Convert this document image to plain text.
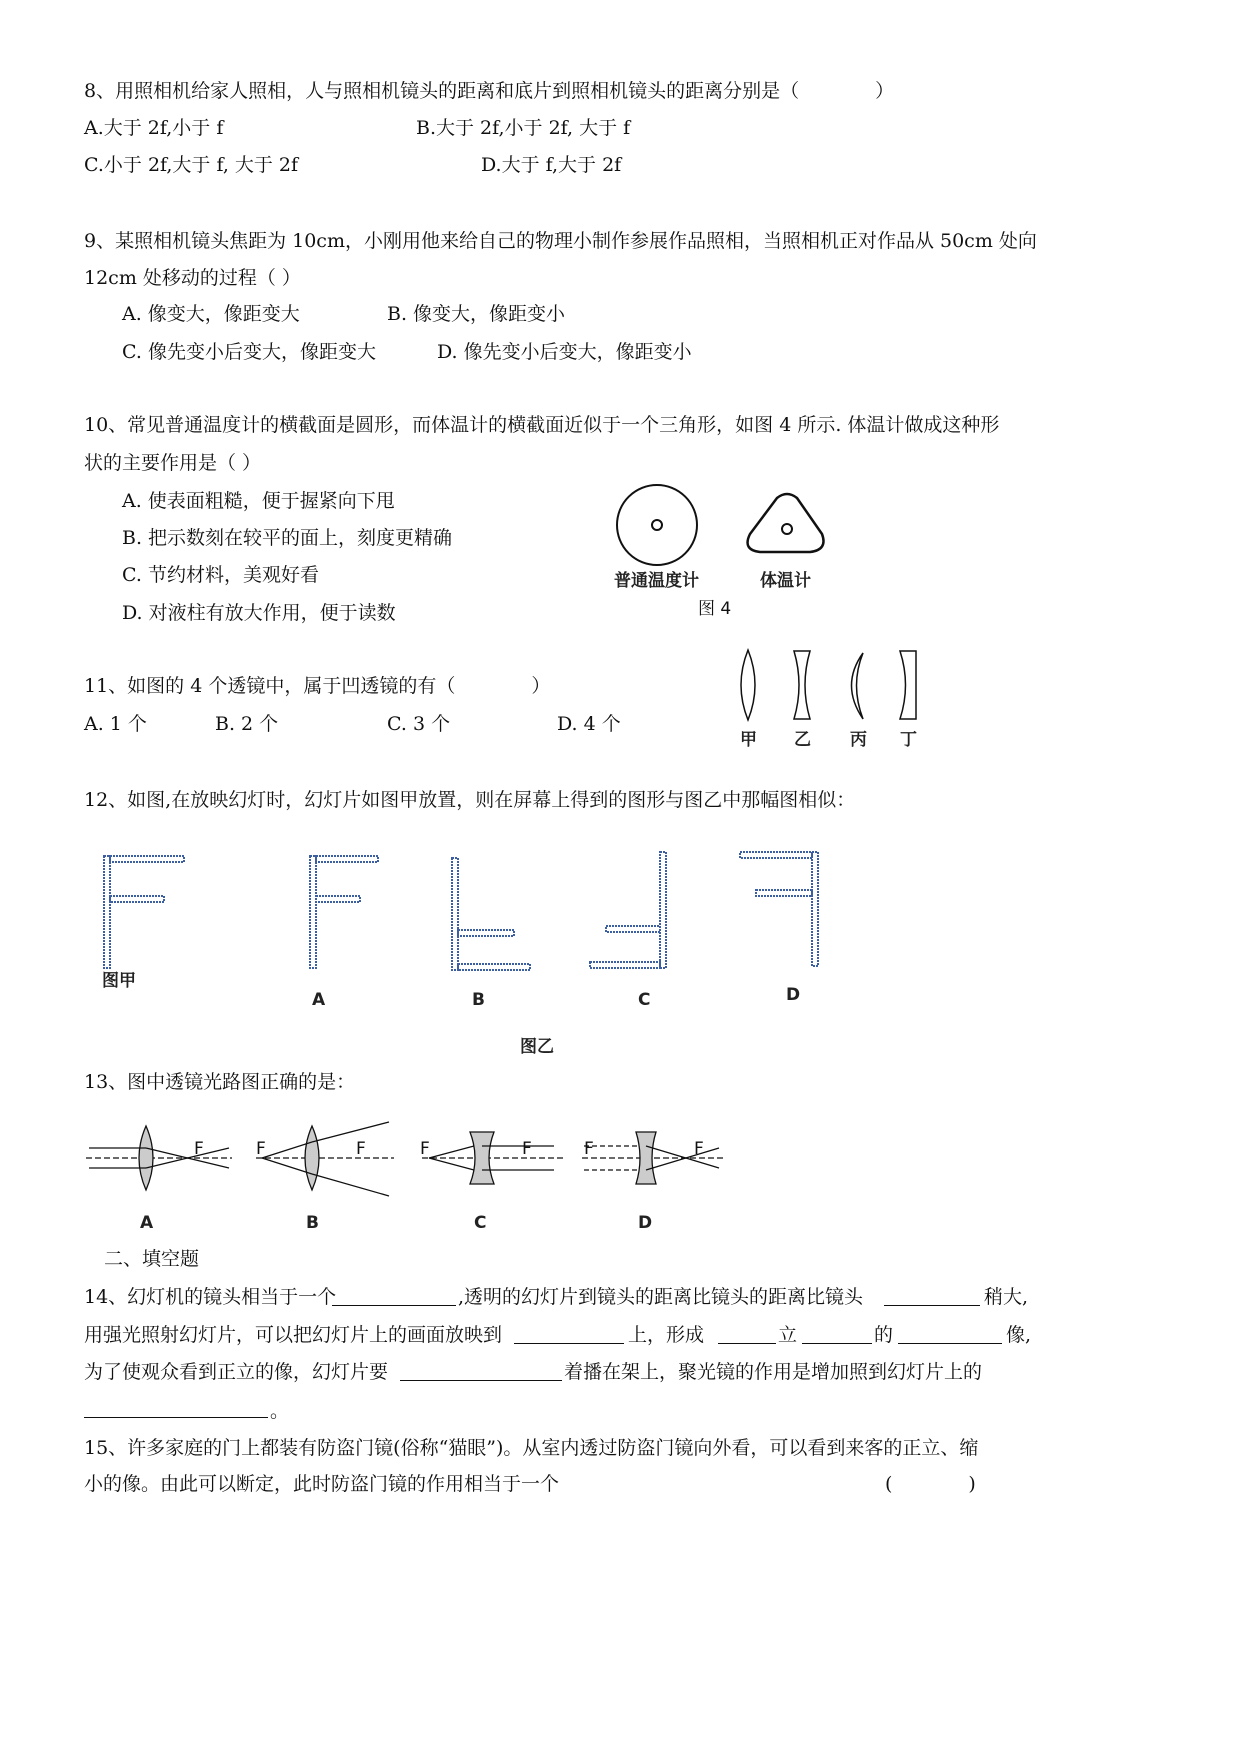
8、用照相机给家人照相，人与照相机镜头的距离和底片到照相机镜头的距离分别是（　　　　）
A.大于 2f,小于 f	B.大于 2f,小于 2f, 大于 f
C.小于 2f,大于 f, 大于 2f	D.大于 f,大于 2f
9、某照相机镜头焦距为 10cm，小刚用他来给自己的物理小制作参展作品照相，当照相机正对作品从 50cm 处向
12cm 处移动的过程（ ）
A. 像变大，像距变大	B. 像变大，像距变小
C. 像先变小后变大，像距变大	D. 像先变小后变大，像距变小
10、常见普通温度计的横截面是圆形，而体温计的横截面近似于一个三角形，如图 4 所示. 体温计做成这种形
状的主要作用是（ ）
A. 使表面粗糙，便于握紧向下甩
B. 把示数刻在较平的面上，刻度更精确
C. 节约材料，美观好看
D. 对液柱有放大作用，便于读数
普通温度计	体温计
图 4
11、如图的 4 个透镜中，属于凹透镜的有（　　　　）
A. 1 个	B. 2 个	C. 3 个	D. 4 个
甲 乙 丙 丁
12、如图,在放映幻灯时，幻灯片如图甲放置，则在屏幕上得到的图形与图乙中那幅图相似：
图甲
A	B	C	D
图乙
13、图中透镜光路图正确的是：
A	B	C	D
F	F	F	F
F	F	F
二、填空题
14、幻灯机的镜头相当于一个	,透明的幻灯片到镜头的距离比镜头的距离比镜头	稍大,
用强光照射幻灯片，可以把幻灯片上的画面放映到	上，形成	立	的	像,
为了使观众看到正立的像，幻灯片要	着播在架上，聚光镜的作用是增加照到幻灯片上的
。
15、许多家庭的门上都装有防盗门镜(俗称“猫眼”)。从室内透过防盗门镜向外看，可以看到来客的正立、缩
小的像。由此可以断定，此时防盗门镜的作用相当于一个	(　　　　)
